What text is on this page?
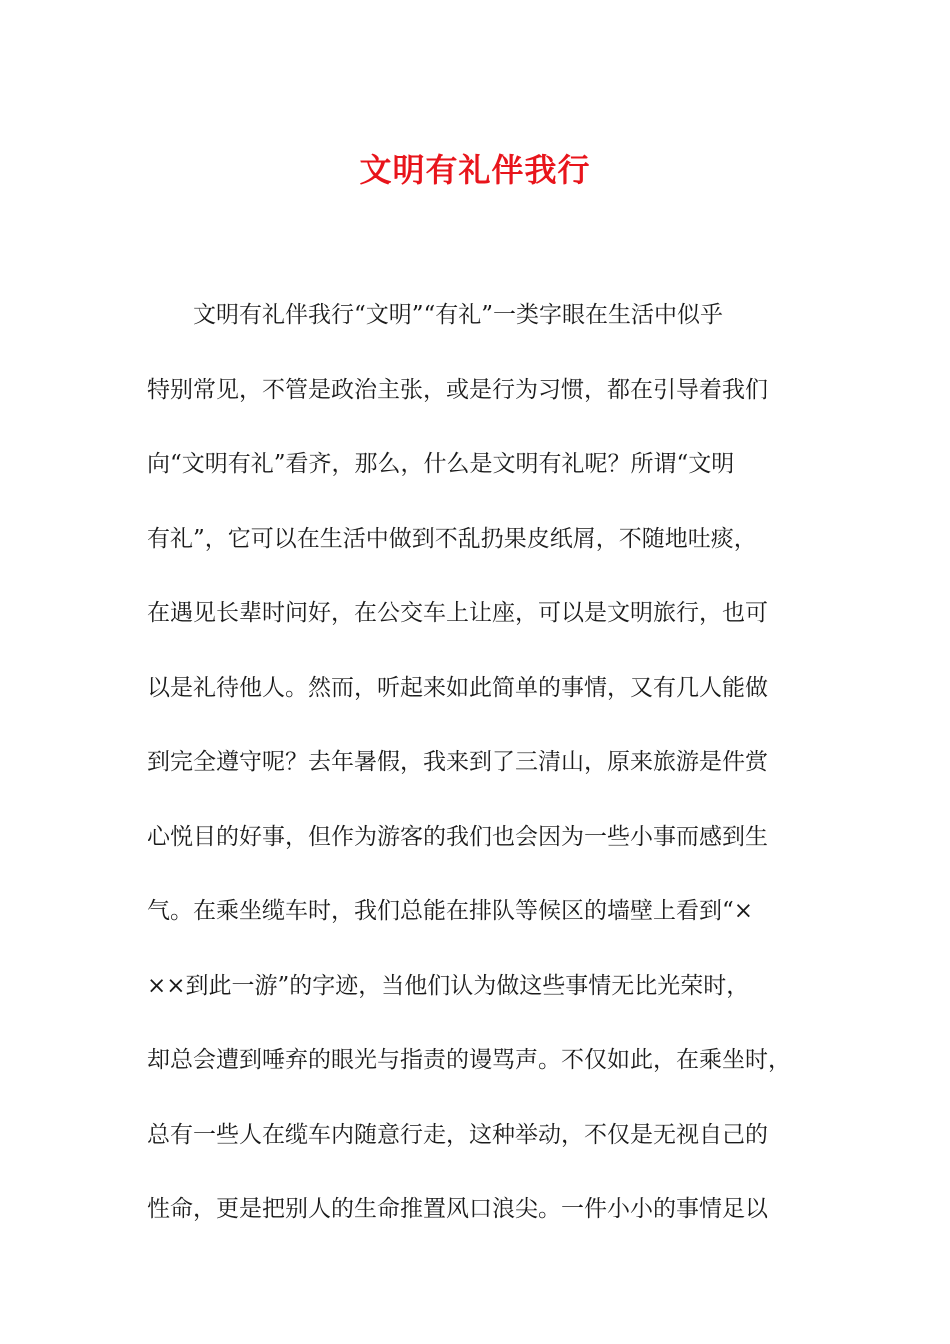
文明有礼伴我行
文明有礼伴我行“文明”“有礼”一类字眼在生活中似乎
特别常见，不管是政治主张，或是行为习惯，都在引导着我们
向“文明有礼”看齐，那么，什么是文明有礼呢？所谓“文明
有礼”，它可以在生活中做到不乱扔果皮纸屑，不随地吐痰，
在遇见长辈时问好，在公交车上让座，可以是文明旅行，也可
以是礼待他人。然而，听起来如此简单的事情，又有几人能做
到完全遵守呢？去年暑假，我来到了三清山，原来旅游是件赏
心悦目的好事，但作为游客的我们也会因为一些小事而感到生
气。在乘坐缆车时，我们总能在排队等候区的墙壁上看到“×
××到此一游”的字迹，当他们认为做这些事情无比光荣时，
却总会遭到唾弃的眼光与指责的谩骂声。不仅如此，在乘坐时，
总有一些人在缆车内随意行走，这种举动，不仅是无视自己的
性命，更是把别人的生命推置风口浪尖。一件小小的事情足以
